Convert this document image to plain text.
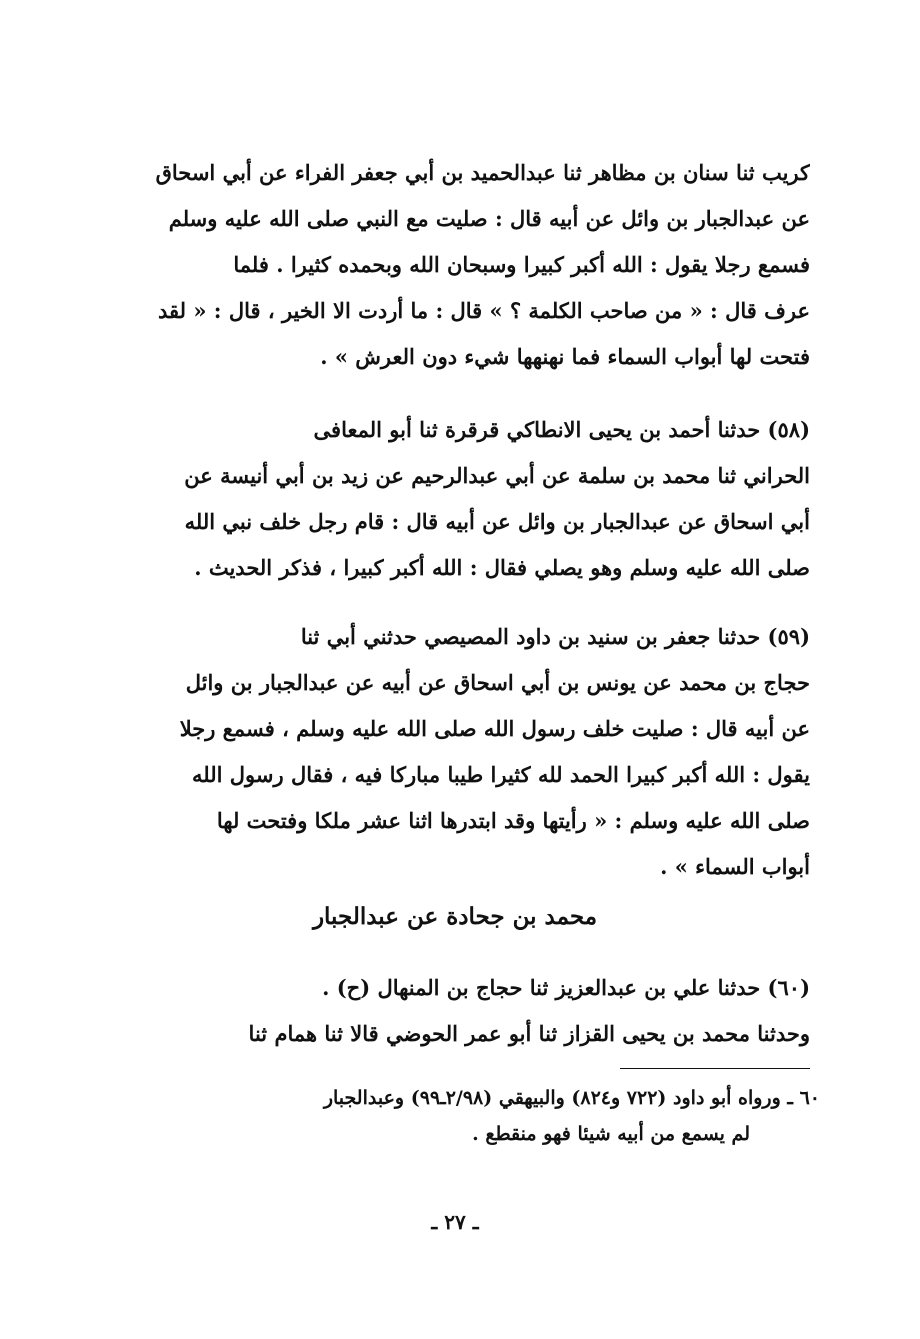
كريب ثنا سنان بن مظاهر ثنا عبدالحميد بن أبي جعفر الفراء عن أبي اسحاق
عن عبدالجبار بن وائل عن أبيه قال : صليت مع النبي صلى الله عليه وسلم
فسمع رجلا يقول : الله أكبر كبيرا وسبحان الله وبحمده كثيرا . فلما
عرف قال : « من صاحب الكلمة ؟ » قال : ما أردت الا الخير ، قال : « لقد
فتحت لها أبواب السماء فما نهنهها شيء دون العرش » .
(٥٨) حدثنا أحمد بن يحيى الانطاكي قرقرة ثنا أبو المعافى
الحراني ثنا محمد بن سلمة عن أبي عبدالرحيم عن زيد بن أبي أنيسة عن
أبي اسحاق عن عبدالجبار بن وائل عن أبيه قال : قام رجل خلف نبي الله
صلى الله عليه وسلم وهو يصلي فقال : الله أكبر كبيرا ، فذكر الحديث .
(٥٩) حدثنا جعفر بن سنيد بن داود المصيصي حدثني أبي ثنا
حجاج بن محمد عن يونس بن أبي اسحاق عن أبيه عن عبدالجبار بن وائل
عن أبيه قال : صليت خلف رسول الله صلى الله عليه وسلم ، فسمع رجلا
يقول : الله أكبر كبيرا الحمد لله كثيرا طيبا مباركا فيه ، فقال رسول الله
صلى الله عليه وسلم : « رأيتها وقد ابتدرها اثنا عشر ملكا وفتحت لها
أبواب السماء » .
محمد بن جحادة عن عبدالجبار
(٦٠) حدثنا علي بن عبدالعزيز ثنا حجاج بن المنهال (ح) .
وحدثنا محمد بن يحيى القزاز ثنا أبو عمر الحوضي قالا ثنا همام ثنا
٦٠ ـ ورواه أبو داود (٧٢٢ و٨٢٤) والبيهقي (٢/٩٨ـ٩٩) وعبدالجبار
لم يسمع من أبيه شيئا فهو منقطع .
ـ ٢٧ ـ
